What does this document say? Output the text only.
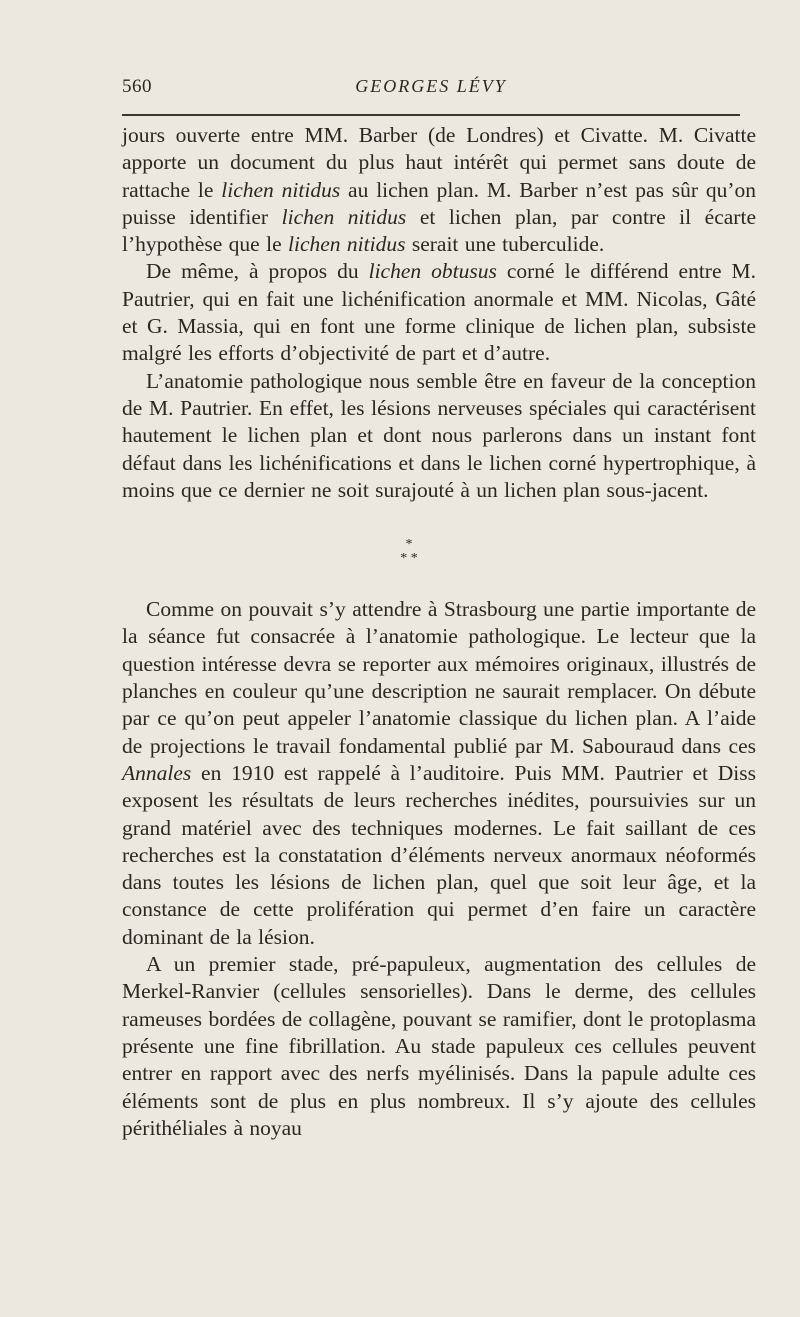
560	GEORGES LÉVY

jours ouverte entre MM. Barber (de Londres) et Civatte. M. Civatte apporte un document du plus haut intérêt qui permet sans doute de rattache le lichen nitidus au lichen plan. M. Barber n’est pas sûr qu’on puisse identifier lichen nitidus et lichen plan, par contre il écarte l’hypothèse que le lichen nitidus serait une tuberculide.

De même, à propos du lichen obtusus corné le différend entre M. Pautrier, qui en fait une lichénification anormale et MM. Nicolas, Gâté et G. Massia, qui en font une forme clinique de lichen plan, subsiste malgré les efforts d’objectivité de part et d’autre.

L’anatomie pathologique nous semble être en faveur de la conception de M. Pautrier. En effet, les lésions nerveuses spéciales qui caractérisent hautement le lichen plan et dont nous parlerons dans un instant font défaut dans les lichénifications et dans le lichen corné hypertrophique, à moins que ce dernier ne soit surajouté à un lichen plan sous-jacent.

*
* *

Comme on pouvait s’y attendre à Strasbourg une partie importante de la séance fut consacrée à l’anatomie pathologique. Le lecteur que la question intéresse devra se reporter aux mémoires originaux, illustrés de planches en couleur qu’une description ne saurait remplacer. On débute par ce qu’on peut appeler l’anatomie classique du lichen plan. A l’aide de projections le travail fondamental publié par M. Sabouraud dans ces Annales en 1910 est rappelé à l’auditoire. Puis MM. Pautrier et Diss exposent les résultats de leurs recherches inédites, poursuivies sur un grand matériel avec des techniques modernes. Le fait saillant de ces recherches est la constatation d’éléments nerveux anormaux néoformés dans toutes les lésions de lichen plan, quel que soit leur âge, et la constance de cette prolifération qui permet d’en faire un caractère dominant de la lésion.

A un premier stade, pré-papuleux, augmentation des cellules de Merkel-Ranvier (cellules sensorielles). Dans le derme, des cellules rameuses bordées de collagène, pouvant se ramifier, dont le protoplasma présente une fine fibrillation. Au stade papuleux ces cellules peuvent entrer en rapport avec des nerfs myélinisés. Dans la papule adulte ces éléments sont de plus en plus nombreux. Il s’y ajoute des cellules périthéliales à noyau
